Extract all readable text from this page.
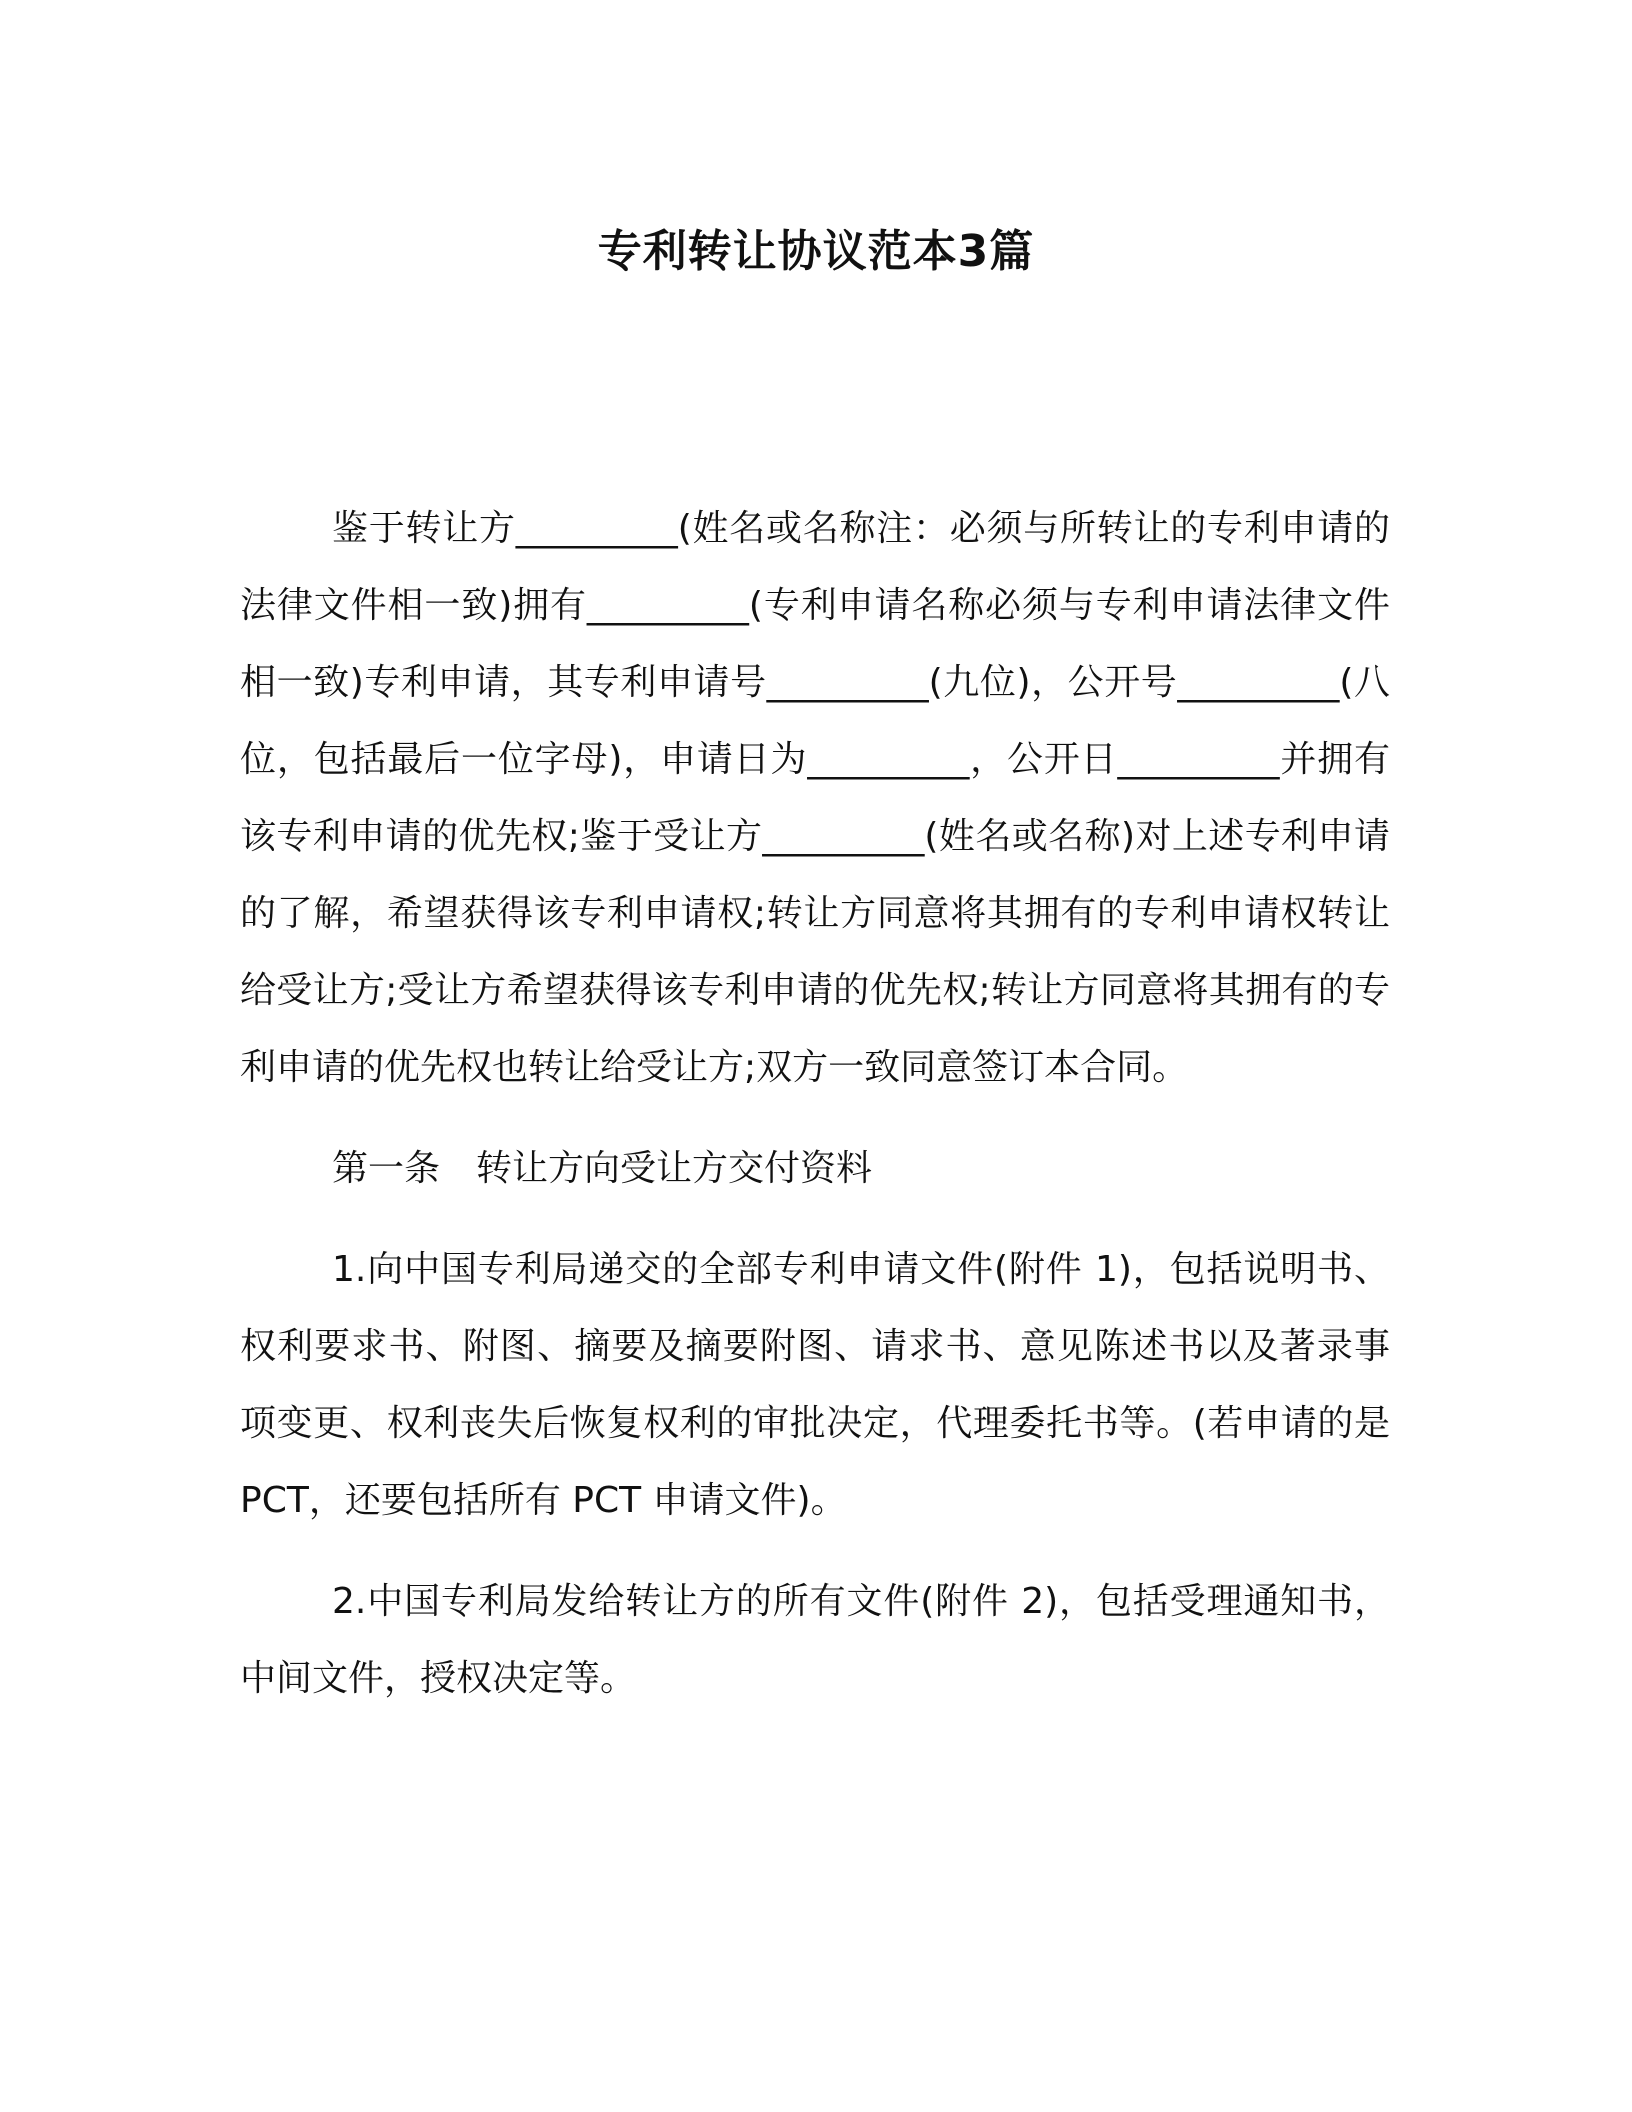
专利转让协议范本3篇

鉴于转让方_________(姓名或名称注：必须与所转让的专利申请的法律文件相一致)拥有_________(专利申请名称必须与专利申请法律文件相一致)专利申请，其专利申请号_________(九位)，公开号_________(八位，包括最后一位字母)，申请日为_________，公开日_________并拥有该专利申请的优先权;鉴于受让方_________(姓名或名称)对上述专利申请的了解，希望获得该专利申请权;转让方同意将其拥有的专利申请权转让给受让方;受让方希望获得该专利申请的优先权;转让方同意将其拥有的专利申请的优先权也转让给受让方;双方一致同意签订本合同。

第一条　转让方向受让方交付资料

1.向中国专利局递交的全部专利申请文件(附件 1)，包括说明书、权利要求书、附图、摘要及摘要附图、请求书、意见陈述书以及著录事项变更、权利丧失后恢复权利的审批决定，代理委托书等。(若申请的是 PCT，还要包括所有 PCT 申请文件)。

2.中国专利局发给转让方的所有文件(附件 2)，包括受理通知书，中间文件，授权决定等。
